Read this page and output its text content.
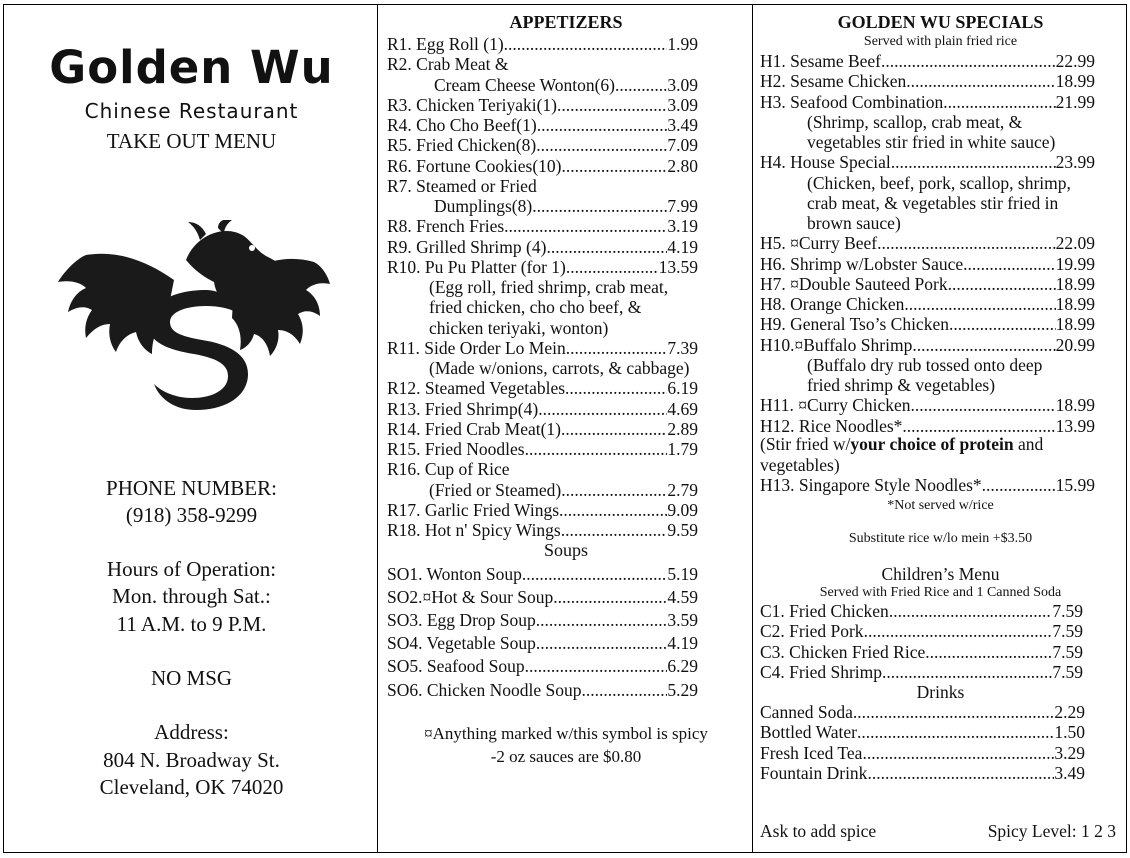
Golden Wu
Chinese Restaurant
TAKE OUT MENU
PHONE NUMBER:
(918) 358-9299
Hours of Operation:
Mon. through Sat.:
11 A.M. to 9 P.M.
NO MSG
Address:
804 N. Broadway St.
Cleveland, OK 74020
APPETIZERS
R1. Egg Roll (1) .....	1.99
R2. Crab Meat &
Cream Cheese Wonton(6) .....	3.09
R3. Chicken Teriyaki(1) .....	3.09
R4. Cho Cho Beef(1) .....	3.49
R5. Fried Chicken(8) .....	7.09
R6. Fortune Cookies(10) .....	2.80
R7. Steamed or Fried
Dumplings(8) .....	7.99
R8. French Fries .....	3.19
R9. Grilled Shrimp (4) .....	4.19
R10. Pu Pu Platter (for 1) .....	13.59
(Egg roll, fried shrimp, crab meat,
fried chicken, cho cho beef, &
chicken teriyaki, wonton)
R11. Side Order Lo Mein .....	7.39
(Made w/onions, carrots, & cabbage)
R12. Steamed Vegetables .....	6.19
R13. Fried Shrimp(4) .....	4.69
R14. Fried Crab Meat(1) .....	2.89
R15. Fried Noodles .....	1.79
R16. Cup of Rice
(Fried or Steamed) .....	2.79
R17. Garlic Fried Wings .....	9.09
R18. Hot n' Spicy Wings .....	9.59
Soups
SO1. Wonton Soup .....	5.19
SO2.¤Hot & Sour Soup .....	4.59
SO3. Egg Drop Soup .....	3.59
SO4. Vegetable Soup .....	4.19
SO5. Seafood Soup .....	6.29
SO6. Chicken Noodle Soup .....	5.29
¤Anything marked w/this symbol is spicy
-2 oz sauces are $0.80
GOLDEN WU SPECIALS
Served with plain fried rice
H1. Sesame Beef .....	22.99
H2. Sesame Chicken .....	18.99
H3. Seafood Combination .....	21.99
(Shrimp, scallop, crab meat, &
vegetables stir fried in white sauce)
H4. House Special .....	23.99
(Chicken, beef, pork, scallop, shrimp,
crab meat, & vegetables stir fried in
brown sauce)
H5. ¤Curry Beef .....	22.09
H6. Shrimp w/Lobster Sauce .....	19.99
H7. ¤Double Sauteed Pork .....	18.99
H8. Orange Chicken .....	18.99
H9. General Tso’s Chicken .....	18.99
H10.¤Buffalo Shrimp .....	20.99
(Buffalo dry rub tossed onto deep
fried shrimp & vegetables)
H11. ¤Curry Chicken .....	18.99
H12. Rice Noodles* .....	13.99
(Stir fried w/your choice of protein and
vegetables)
H13. Singapore Style Noodles* .....	15.99
*Not served w/rice
Substitute rice w/lo mein +$3.50
Children’s Menu
Served with Fried Rice and 1 Canned Soda
C1. Fried Chicken .....	7.59
C2. Fried Pork .....	7.59
C3. Chicken Fried Rice .....	7.59
C4. Fried Shrimp .....	7.59
Drinks
Canned Soda .....	2.29
Bottled Water .....	1.50
Fresh Iced Tea .....	3.29
Fountain Drink .....	3.49
Ask to add spice	Spicy Level: 1 2 3
